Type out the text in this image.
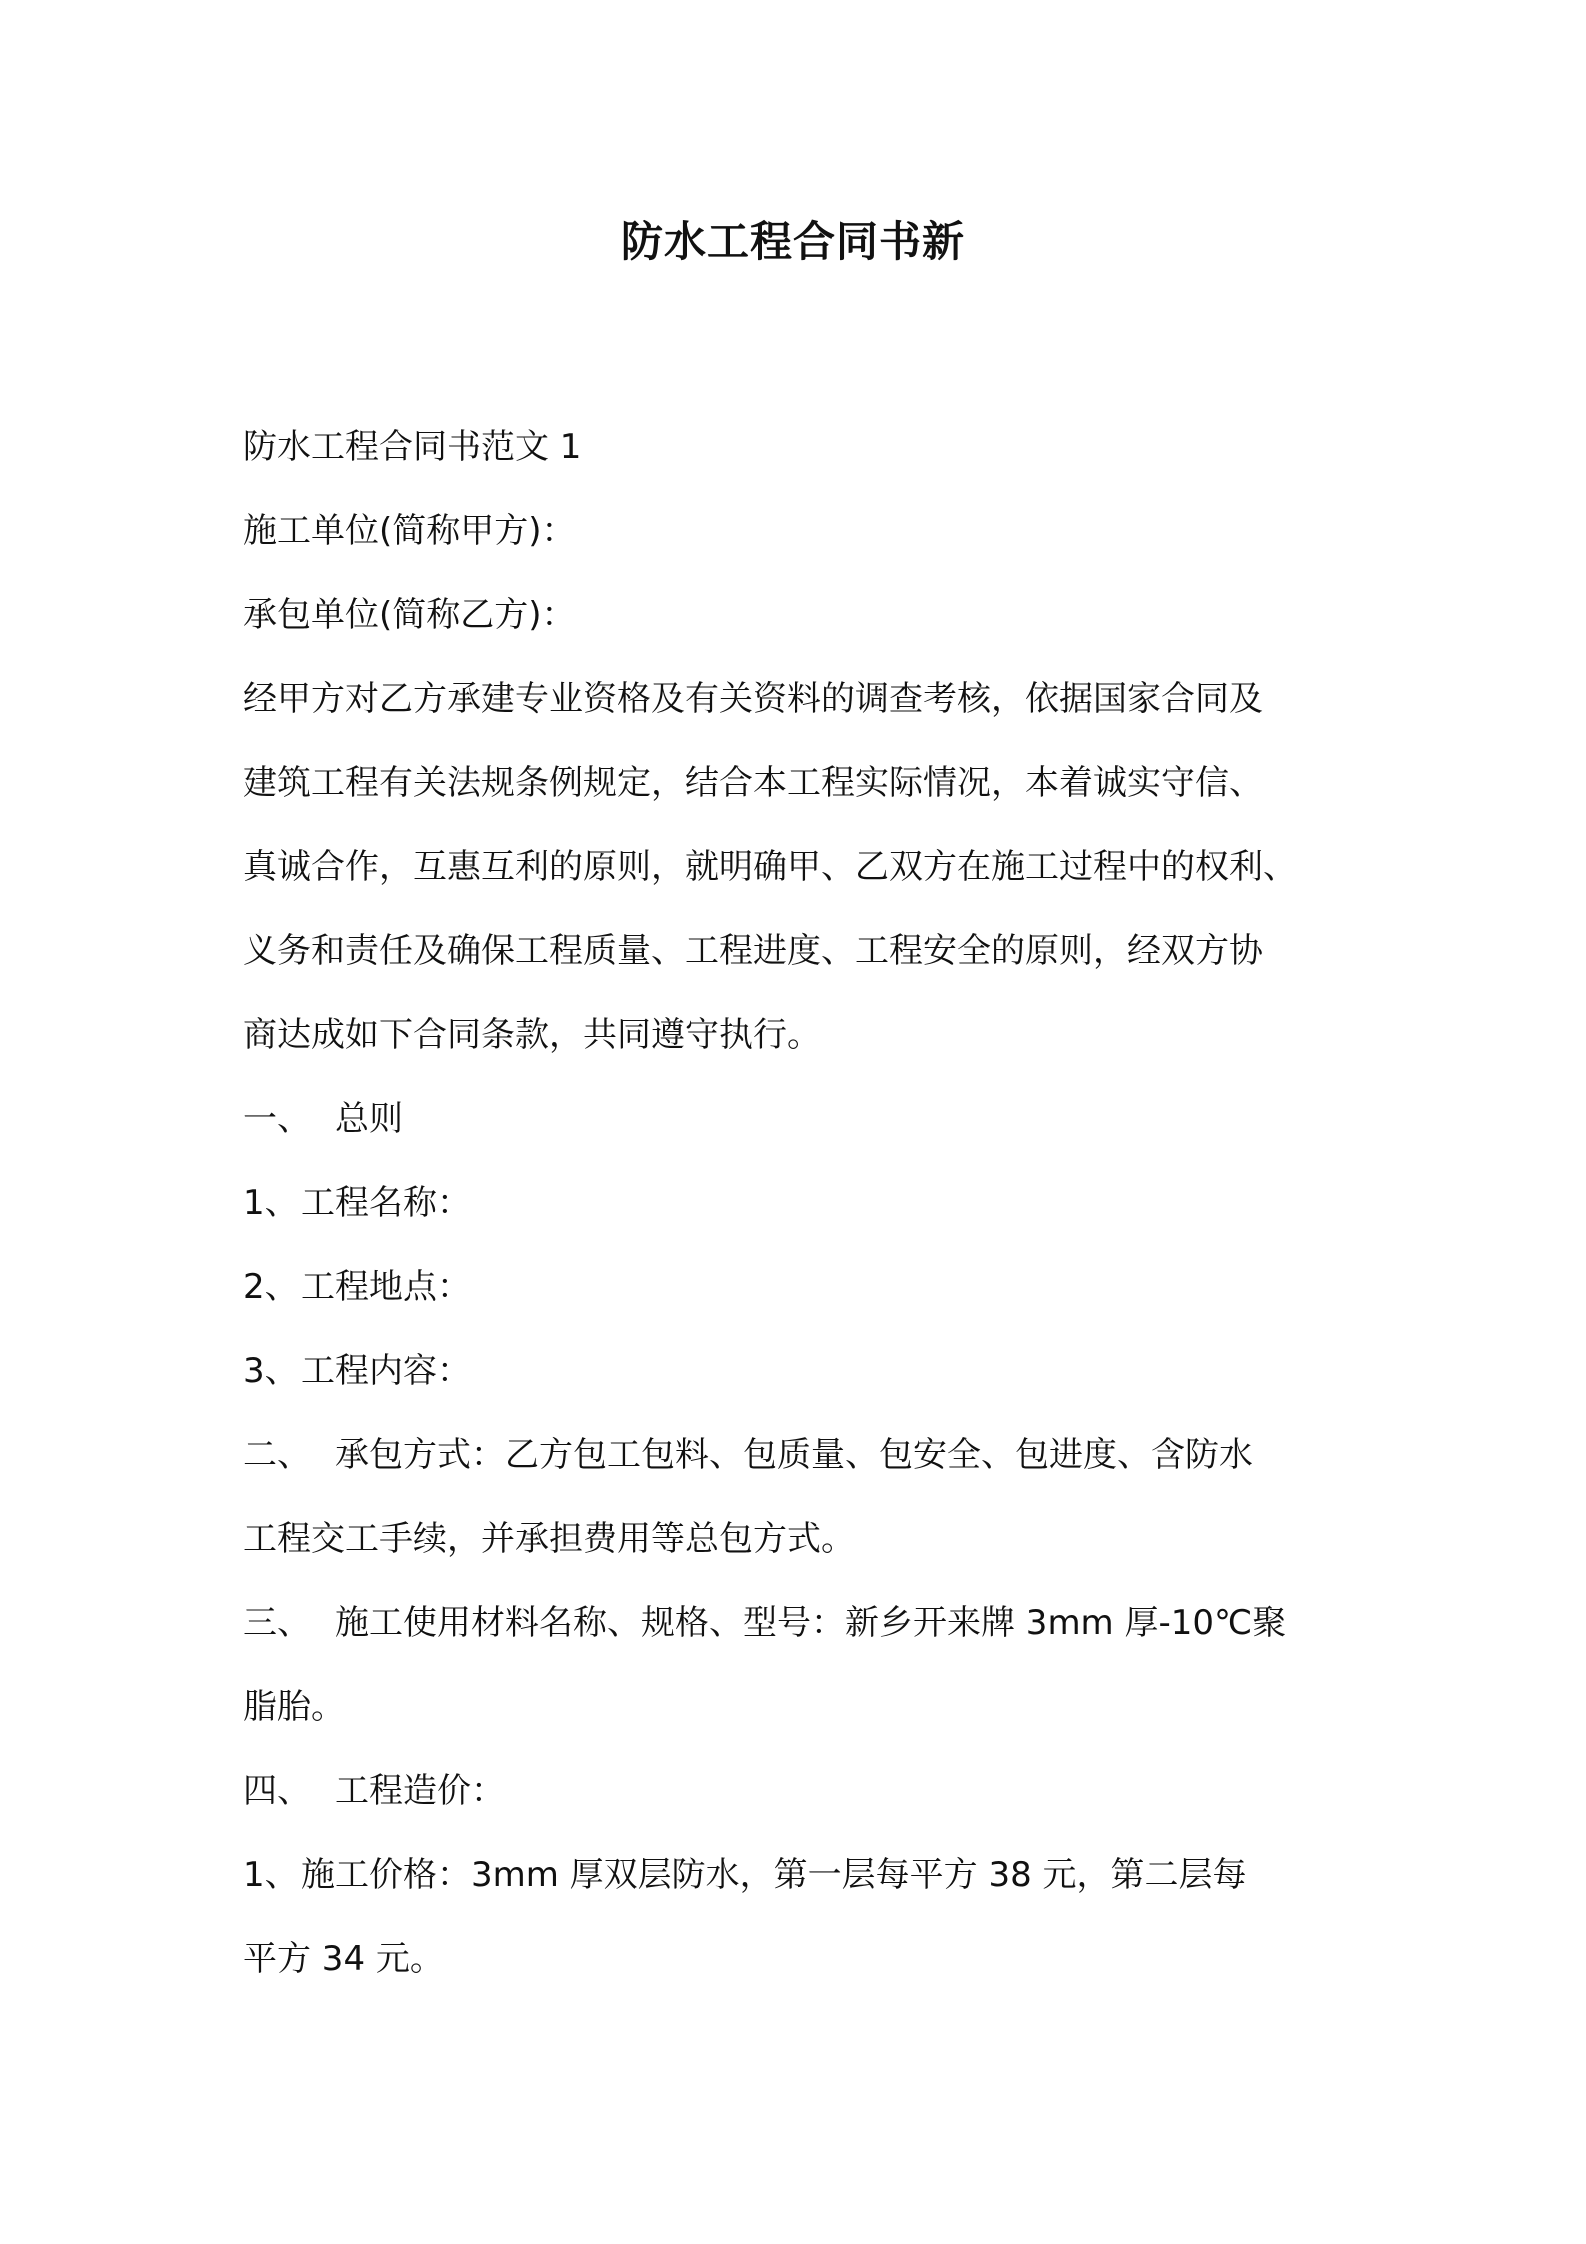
防水工程合同书新
防水工程合同书范文 1
施工单位(简称甲方)：
承包单位(简称乙方)：
经甲方对乙方承建专业资格及有关资料的调查考核，依据国家合同及
建筑工程有关法规条例规定，结合本工程实际情况，本着诚实守信、
真诚合作，互惠互利的原则，就明确甲、乙双方在施工过程中的权利、
义务和责任及确保工程质量、工程进度、工程安全的原则，经双方协
商达成如下合同条款，共同遵守执行。
一、 总则
1、工程名称：
2、工程地点：
3、工程内容：
二、 承包方式：乙方包工包料、包质量、包安全、包进度、含防水
工程交工手续，并承担费用等总包方式。
三、 施工使用材料名称、规格、型号：新乡开来牌 3mm 厚-10℃聚
脂胎。
四、 工程造价：
1、施工价格：3mm 厚双层防水，第一层每平方 38 元，第二层每
平方 34 元。
